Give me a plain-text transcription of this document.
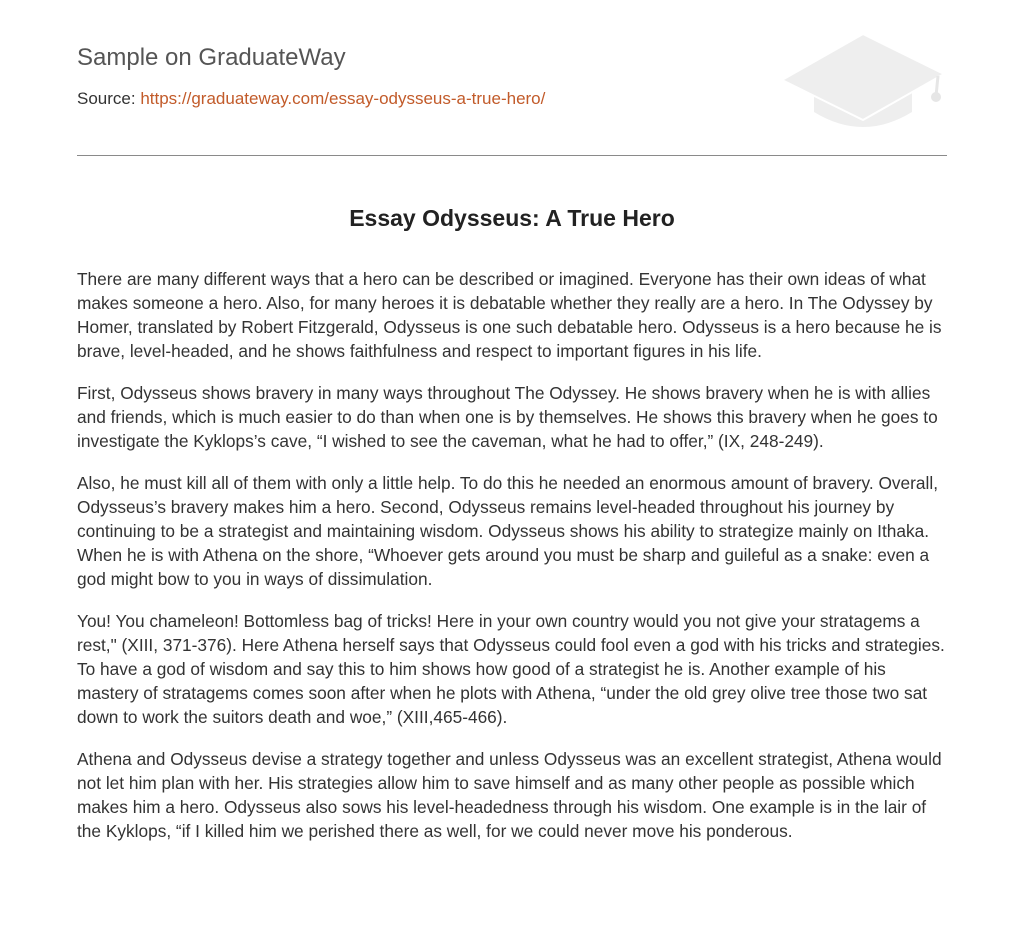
Sample on GraduateWay
Source: https://graduateway.com/essay-odysseus-a-true-hero/
Essay Odysseus: A True Hero

There are many different ways that a hero can be described or imagined. Everyone has their own ideas of what makes someone a hero. Also, for many heroes it is debatable whether they really are a hero. In The Odyssey by Homer, translated by Robert Fitzgerald, Odysseus is one such debatable hero. Odysseus is a hero because he is brave, level-headed, and he shows faithfulness and respect to important figures in his life.

First, Odysseus shows bravery in many ways throughout The Odyssey. He shows bravery when he is with allies and friends, which is much easier to do than when one is by themselves. He shows this bravery when he goes to investigate the Kyklops’s cave, “I wished to see the caveman, what he had to offer,” (IX, 248-249).

Also, he must kill all of them with only a little help. To do this he needed an enormous amount of bravery. Overall, Odysseus’s bravery makes him a hero. Second, Odysseus remains level-headed throughout his journey by continuing to be a strategist and maintaining wisdom. Odysseus shows his ability to strategize mainly on Ithaka. When he is with Athena on the shore, “Whoever gets around you must be sharp and guileful as a snake: even a god might bow to you in ways of dissimulation.

You! You chameleon! Bottomless bag of tricks! Here in your own country would you not give your stratagems a rest," (XIII, 371-376). Here Athena herself says that Odysseus could fool even a god with his tricks and strategies. To have a god of wisdom and say this to him shows how good of a strategist he is. Another example of his mastery of stratagems comes soon after when he plots with Athena, “under the old grey olive tree those two sat down to work the suitors death and woe,” (XIII,465-466).

Athena and Odysseus devise a strategy together and unless Odysseus was an excellent strategist, Athena would not let him plan with her. His strategies allow him to save himself and as many other people as possible which makes him a hero. Odysseus also sows his level-headedness through his wisdom. One example is in the lair of the Kyklops, “if I killed him we perished there as well, for we could never move his ponderous.
